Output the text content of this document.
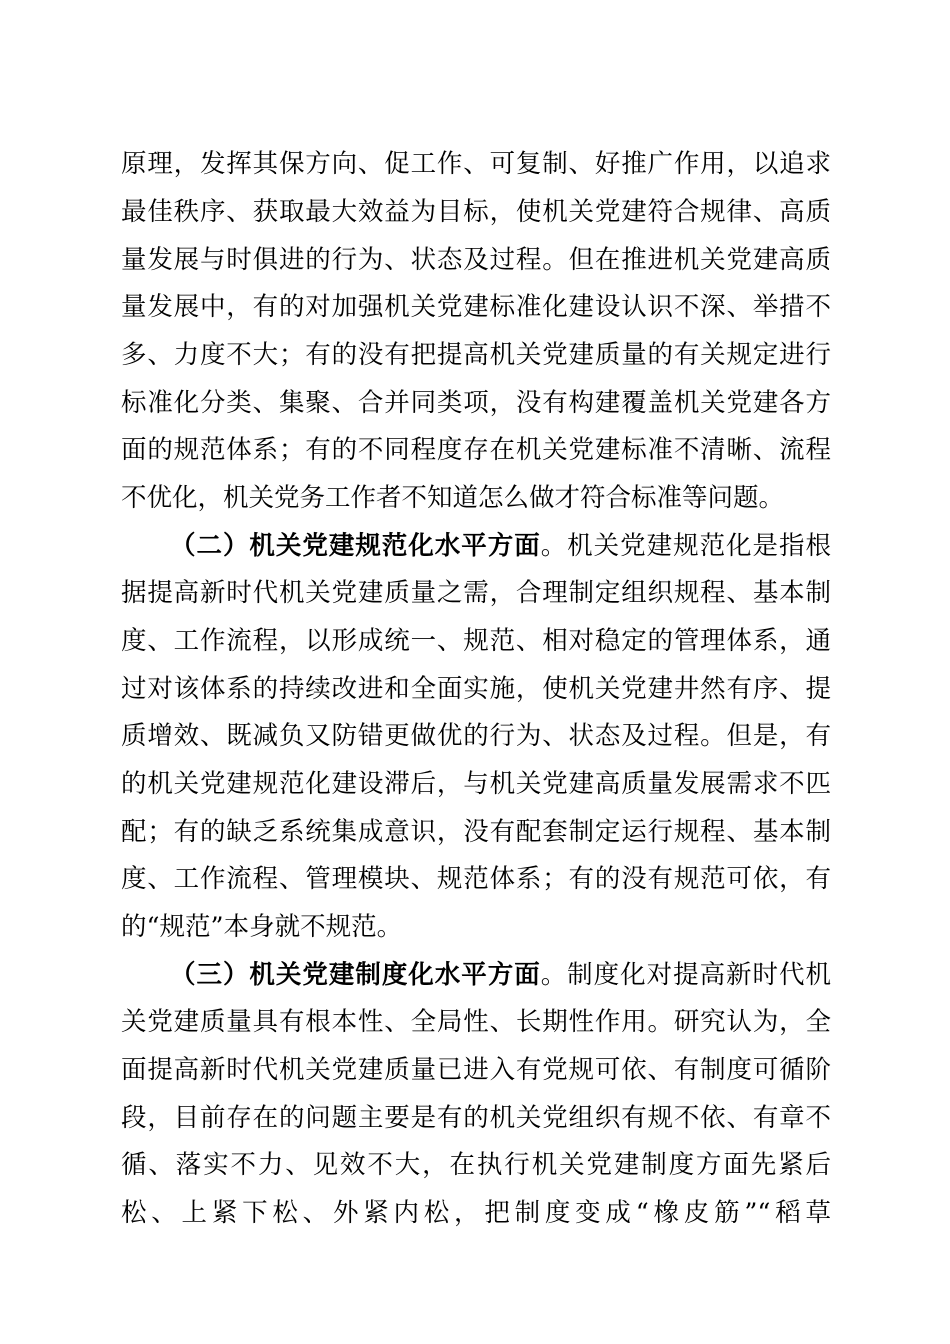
原理，发挥其保方向、促工作、可复制、好推广作用，以追求
最佳秩序、获取最大效益为目标，使机关党建符合规律、高质
量发展与时俱进的行为、状态及过程。但在推进机关党建高质
量发展中，有的对加强机关党建标准化建设认识不深、举措不
多、力度不大；有的没有把提高机关党建质量的有关规定进行
标准化分类、集聚、合并同类项，没有构建覆盖机关党建各方
面的规范体系；有的不同程度存在机关党建标准不清晰、流程
不优化，机关党务工作者不知道怎么做才符合标准等问题。
（二）机关党建规范化水平方面。机关党建规范化是指根
据提高新时代机关党建质量之需，合理制定组织规程、基本制
度、工作流程，以形成统一、规范、相对稳定的管理体系，通
过对该体系的持续改进和全面实施，使机关党建井然有序、提
质增效、既减负又防错更做优的行为、状态及过程。但是，有
的机关党建规范化建设滞后，与机关党建高质量发展需求不匹
配；有的缺乏系统集成意识，没有配套制定运行规程、基本制
度、工作流程、管理模块、规范体系；有的没有规范可依，有
的“规范”本身就不规范。
（三）机关党建制度化水平方面。制度化对提高新时代机
关党建质量具有根本性、全局性、长期性作用。研究认为，全
面提高新时代机关党建质量已进入有党规可依、有制度可循阶
段，目前存在的问题主要是有的机关党组织有规不依、有章不
循、落实不力、见效不大，在执行机关党建制度方面先紧后
松、上紧下松、外紧内松，把制度变成“橡皮筋”“稻草
